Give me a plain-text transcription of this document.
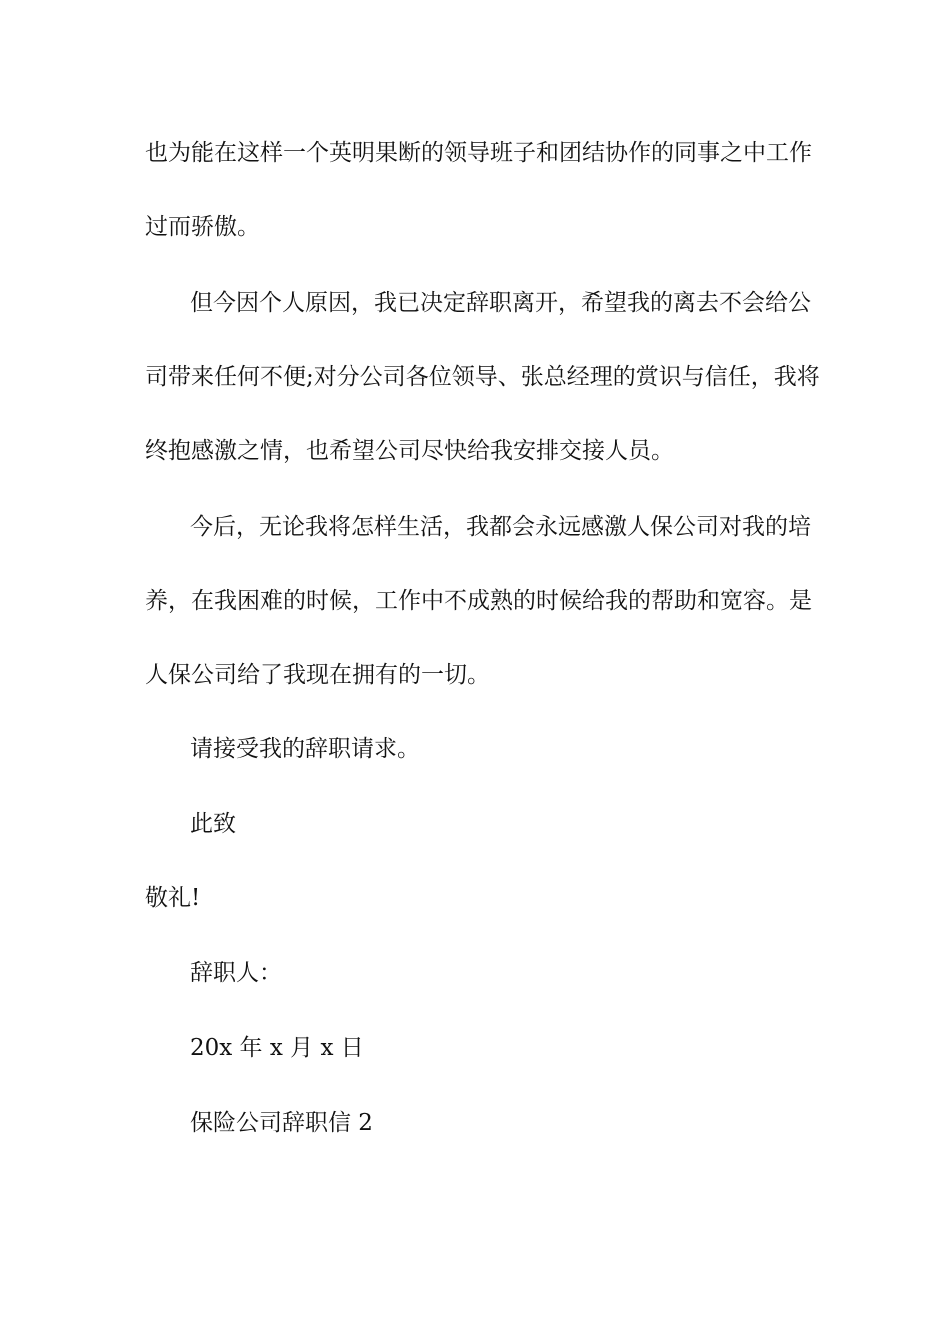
也为能在这样一个英明果断的领导班子和团结协作的同事之中工作
过而骄傲。
但今因个人原因，我已决定辞职离开，希望我的离去不会给公
司带来任何不便;对分公司各位领导、张总经理的赏识与信任，我将
终抱感激之情，也希望公司尽快给我安排交接人员。
今后，无论我将怎样生活，我都会永远感激人保公司对我的培
养，在我困难的时候，工作中不成熟的时候给我的帮助和宽容。是
人保公司给了我现在拥有的一切。
请接受我的辞职请求。
此致
敬礼!
辞职人：
20x 年 x 月 x 日
保险公司辞职信 2
